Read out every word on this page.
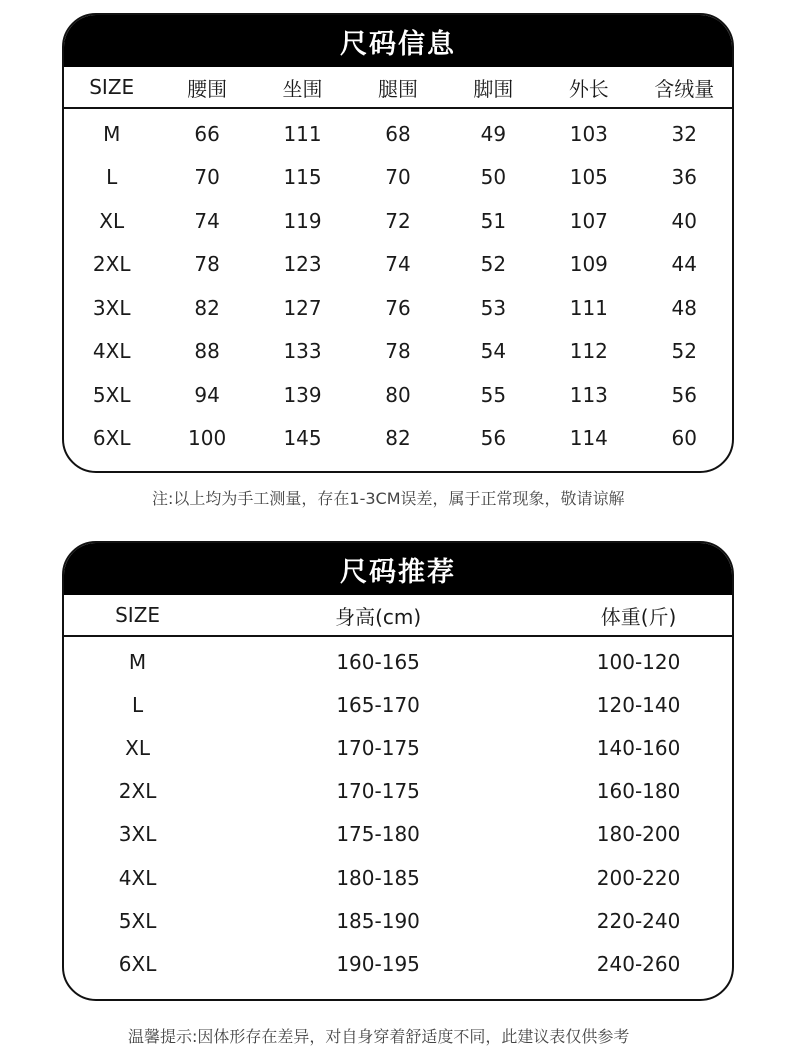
尺码信息
SIZE	腰围	坐围	腿围	脚围	外长	含绒量
M	66	111	68	49	103	32
L	70	115	70	50	105	36
XL	74	119	72	51	107	40
2XL	78	123	74	52	109	44
3XL	82	127	76	53	111	48
4XL	88	133	78	54	112	52
5XL	94	139	80	55	113	56
6XL	100	145	82	56	114	60
注:以上均为手工测量，存在1-3CM误差，属于正常现象，敬请谅解
尺码推荐
SIZE	身高(cm)	体重(斤)
M	160-165	100-120
L	165-170	120-140
XL	170-175	140-160
2XL	170-175	160-180
3XL	175-180	180-200
4XL	180-185	200-220
5XL	185-190	220-240
6XL	190-195	240-260
温馨提示:因体形存在差异，对自身穿着舒适度不同，此建议表仅供参考
